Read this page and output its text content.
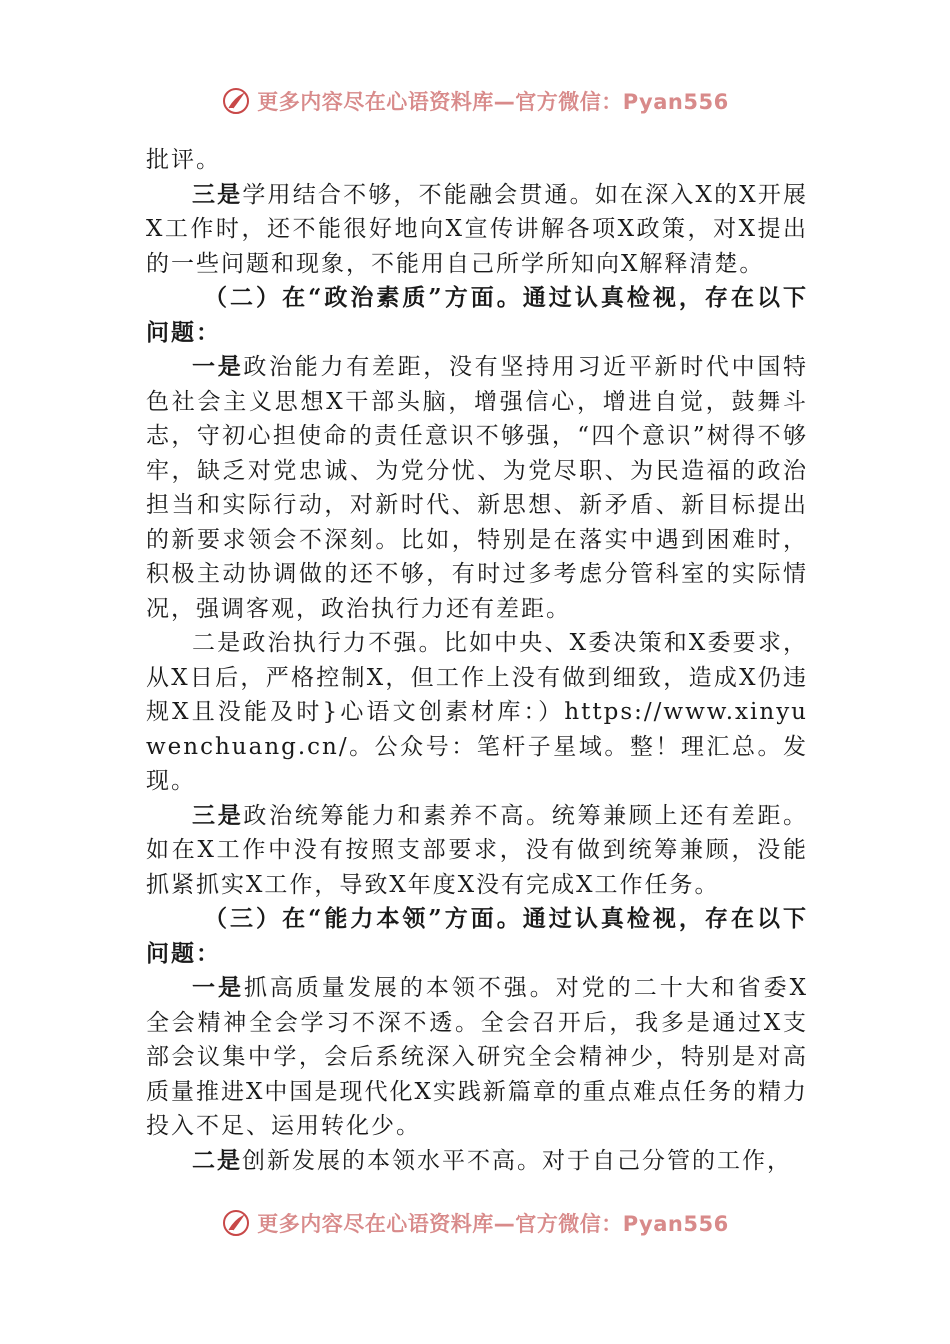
更多内容尽在心语资料库—官方微信：Pyan556

批评。

三是学用结合不够，不能融会贯通。如在深入X的X开展X工作时，还不能很好地向X宣传讲解各项X政策，对X提出的一些问题和现象，不能用自己所学所知向X解释清楚。

（二）在“政治素质”方面。通过认真检视，存在以下问题：

一是政治能力有差距，没有坚持用习近平新时代中国特色社会主义思想X干部头脑，增强信心，增进自觉，鼓舞斗志，守初心担使命的责任意识不够强，“四个意识”树得不够牢，缺乏对党忠诚、为党分忧、为党尽职、为民造福的政治担当和实际行动，对新时代、新思想、新矛盾、新目标提出的新要求领会不深刻。比如，特别是在落实中遇到困难时，积极主动协调做的还不够，有时过多考虑分管科室的实际情况，强调客观，政治执行力还有差距。

二是政治执行力不强。比如中央、X委决策和X委要求，从X日后，严格控制X，但工作上没有做到细致，造成X仍违规X且没能及时}心语文创素材库：）https://www.xinyuwenchuang.cn/。公众号：笔杆子星域。整！理汇总。发现。

三是政治统筹能力和素养不高。统筹兼顾上还有差距。如在X工作中没有按照支部要求，没有做到统筹兼顾，没能抓紧抓实X工作，导致X年度X没有完成X工作任务。

（三）在“能力本领”方面。通过认真检视，存在以下问题：

一是抓高质量发展的本领不强。对党的二十大和省委X全会精神全会学习不深不透。全会召开后，我多是通过X支部会议集中学，会后系统深入研究全会精神少，特别是对高质量推进X中国是现代化X实践新篇章的重点难点任务的精力投入不足、运用转化少。

二是创新发展的本领水平不高。对于自己分管的工作，

更多内容尽在心语资料库—官方微信：Pyan556
